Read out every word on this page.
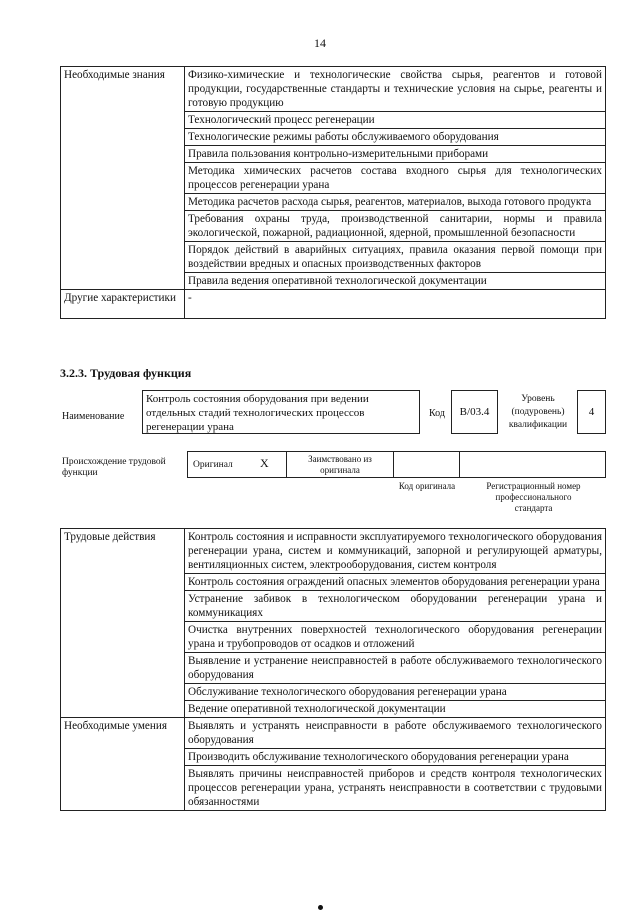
14
Необходимые знания	Физико-химические и технологические свойства сырья, реагентов и готовой продукции, государственные стандарты и технические условия на сырье, реагенты и готовую продукцию
	Технологический процесс регенерации
	Технологические режимы работы обслуживаемого оборудования
	Правила пользования контрольно-измерительными приборами
	Методика химических расчетов состава входного сырья для технологических процессов регенерации урана
	Методика расчетов расхода сырья, реагентов, материалов, выхода готового продукта
	Требования охраны труда, производственной санитарии, нормы и правила экологической, пожарной, радиационной, ядерной, промышленной безопасности
	Порядок действий в аварийных ситуациях, правила оказания первой помощи при воздействии вредных и опасных производственных факторов
	Правила ведения оперативной технологической документации
Другие характеристики	-
3.2.3. Трудовая функция
Наименование
Контроль состояния оборудования при ведении отдельных стадий технологических процессов регенерации урана
Код	В/03.4
Уровень (подуровень) квалификации
4
Происхождение трудовой функции
Оригинал X	Заимствовано из оригинала
Код оригинала	Регистрационный номер профессионального стандарта
Трудовые действия	Контроль состояния и исправности эксплуатируемого технологического оборудования регенерации урана, систем и коммуникаций, запорной и регулирующей арматуры, вентиляционных систем, электрооборудования, систем контроля
	Контроль состояния ограждений опасных элементов оборудования регенерации урана
	Устранение забивок в технологическом оборудовании регенерации урана и коммуникациях
	Очистка внутренних поверхностей технологического оборудования регенерации урана и трубопроводов от осадков и отложений
	Выявление и устранение неисправностей в работе обслуживаемого технологического оборудования
	Обслуживание технологического оборудования регенерации урана
	Ведение оперативной технологической документации
Необходимые умения	Выявлять и устранять неисправности в работе обслуживаемого технологического оборудования
	Производить обслуживание технологического оборудования регенерации урана
	Выявлять причины неисправностей приборов и средств контроля технологических процессов регенерации урана, устранять неисправности в соответствии с трудовыми обязанностями
